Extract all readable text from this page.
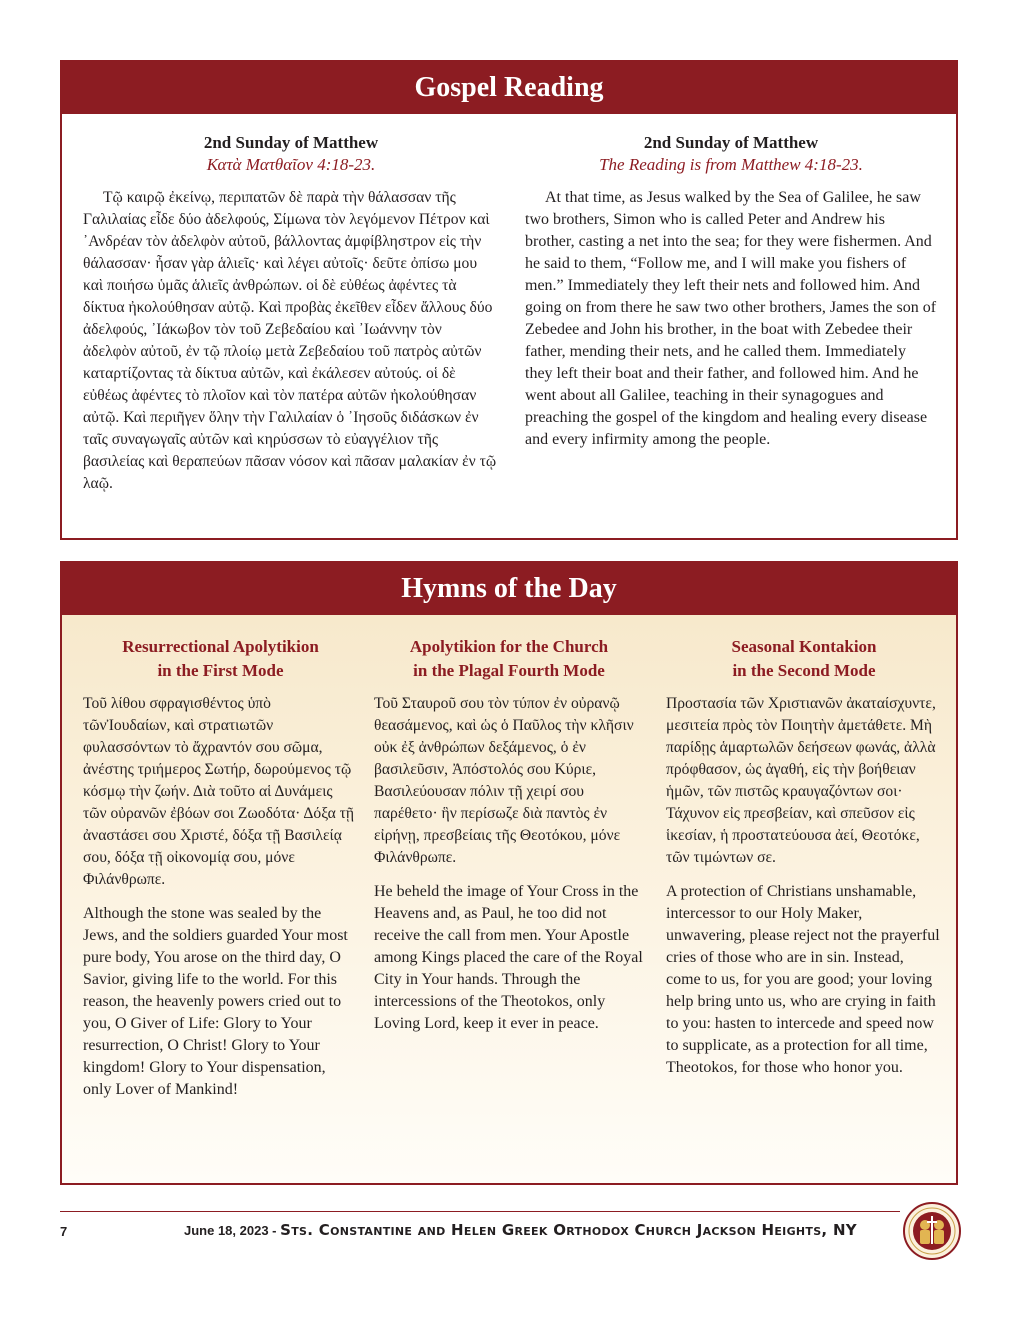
Gospel Reading
2nd Sunday of Matthew
Κατὰ Ματθαῖον 4:18-23.

Τῷ καιρῷ ἐκείνῳ, περιπατῶν δὲ παρὰ τὴν θάλασσαν τῆς Γαλιλαίας εἶδε δύο ἀδελφούς, Σίμωνα τὸν λεγόμενον Πέτρον καὶ ᾿Ανδρέαν τὸν ἀδελφὸν αὐτοῦ, βάλλοντας ἀμφίβληστρον εἰς τὴν θάλασσαν· ἦσαν γὰρ ἁλιεῖς· καὶ λέγει αὐτοῖς· δεῦτε ὀπίσω μου καὶ ποιήσω ὑμᾶς ἁλιεῖς ἀνθρώπων. οἱ δὲ εὐθέως ἀφέντες τὰ δίκτυα ἠκολούθησαν αὐτῷ. Καὶ προβὰς ἐκεῖθεν εἶδεν ἄλλους δύο ἀδελφούς, ᾿Ιάκωβον τὸν τοῦ Ζεβεδαίου καὶ ᾿Ιωάννην τὸν ἀδελφὸν αὐτοῦ, ἐν τῷ πλοίῳ μετὰ Ζεβεδαίου τοῦ πατρὸς αὐτῶν καταρτίζοντας τὰ δίκτυα αὐτῶν, καὶ ἐκάλεσεν αὐτούς. οἱ δὲ εὐθέως ἀφέντες τὸ πλοῖον καὶ τὸν πατέρα αὐτῶν ἠκολούθησαν αὐτῷ. Καὶ περιῆγεν ὅλην τὴν Γαλιλαίαν ὁ ᾿Ιησοῦς διδάσκων ἐν ταῖς συναγωγαῖς αὐτῶν καὶ κηρύσσων τὸ εὐαγγέλιον τῆς βασιλείας καὶ θεραπεύων πᾶσαν νόσον καὶ πᾶσαν μαλακίαν ἐν τῷ λαῷ.

2nd Sunday of Matthew
The Reading is from Matthew 4:18-23.

At that time, as Jesus walked by the Sea of Galilee, he saw two brothers, Simon who is called Peter and Andrew his brother, casting a net into the sea; for they were fishermen. And he said to them, “Follow me, and I will make you fishers of men.” Immediately they left their nets and followed him. And going on from there he saw two other brothers, James the son of Zebedee and John his brother, in the boat with Zebedee their father, mending their nets, and he called them. Immediately they left their boat and their father, and followed him. And he went about all Galilee, teaching in their synagogues and preaching the gospel of the kingdom and healing every disease and every infirmity among the people.

Hymns of the Day
Resurrectional Apolytikion
in the First Mode

Τοῦ λίθου σφραγισθέντος ὑπὸ τῶνἸουδαίων, καὶ στρατιωτῶν φυλασσόντων τὸ ἄχραντόν σου σῶμα, ἀνέστης τριήμερος Σωτήρ, δωρούμενος τῷ κόσμῳ τὴν ζωήν. Διὰ τοῦτο αἱ Δυνάμεις τῶν οὐρανῶν ἐβόων σοι Ζωοδότα· Δόξα τῇ ἀναστάσει σου Χριστέ, δόξα τῇ Βασιλείᾳ σου, δόξα τῇ οἰκονομίᾳ σου, μόνε Φιλάνθρωπε.

Although the stone was sealed by the Jews, and the soldiers guarded Your most pure body, You arose on the third day, O Savior, giving life to the world. For this reason, the heavenly powers cried out to you, O Giver of Life: Glory to Your resurrection, O Christ! Glory to Your kingdom! Glory to Your dispensation, only Lover of Mankind!

Apolytikion for the Church
in the Plagal Fourth Mode

Τοῦ Σταυροῦ σου τὸν τύπον ἐν οὐρανῷ θεασάμενος, καὶ ὡς ὁ Παῦλος τὴν κλῆσιν οὐκ ἐξ ἀνθρώπων δεξάμενος, ὁ ἐν βασιλεῦσιν, Ἀπόστολός σου Κύριε, Βασιλεύουσαν πόλιν τῇ χειρί σου παρέθετο· ἣν περίσωζε διὰ παντὸς ἐν εἰρήνῃ, πρεσβείαις τῆς Θεοτόκου, μόνε Φιλάνθρωπε.

He beheld the image of Your Cross in the Heavens and, as Paul, he too did not receive the call from men. Your Apostle among Kings placed the care of the Royal City in Your hands. Through the intercessions of the Theotokos, only Loving Lord, keep it ever in peace.

Seasonal Kontakion
in the Second Mode

Προστασία τῶν Χριστιανῶν ἀκαταίσχυντε, μεσιτεία πρὸς τὸν Ποιητὴν ἀμετάθετε. Μὴ παρίδῃς ἁμαρτωλῶν δεήσεων φωνάς, ἀλλὰ πρόφθασον, ὡς ἀγαθή, εἰς τὴν βοήθειαν ἡμῶν, τῶν πιστῶς κραυγαζόντων σοι· Τάχυνον εἰς πρεσβείαν, καὶ σπεῦσον εἰς ἱκεσίαν, ἡ προστατεύουσα ἀεί, Θεοτόκε, τῶν τιμώντων σε.

A protection of Christians unshamable, intercessor to our Holy Maker, unwavering, please reject not the prayerful cries of those who are in sin. Instead, come to us, for you are good; your loving help bring unto us, who are crying in faith to you: hasten to intercede and speed now to supplicate, as a protection for all time, Theotokos, for those who honor you.

7	June 18, 2023 - Sts. Constantine and Helen Greek Orthodox Church Jackson Heights, NY
